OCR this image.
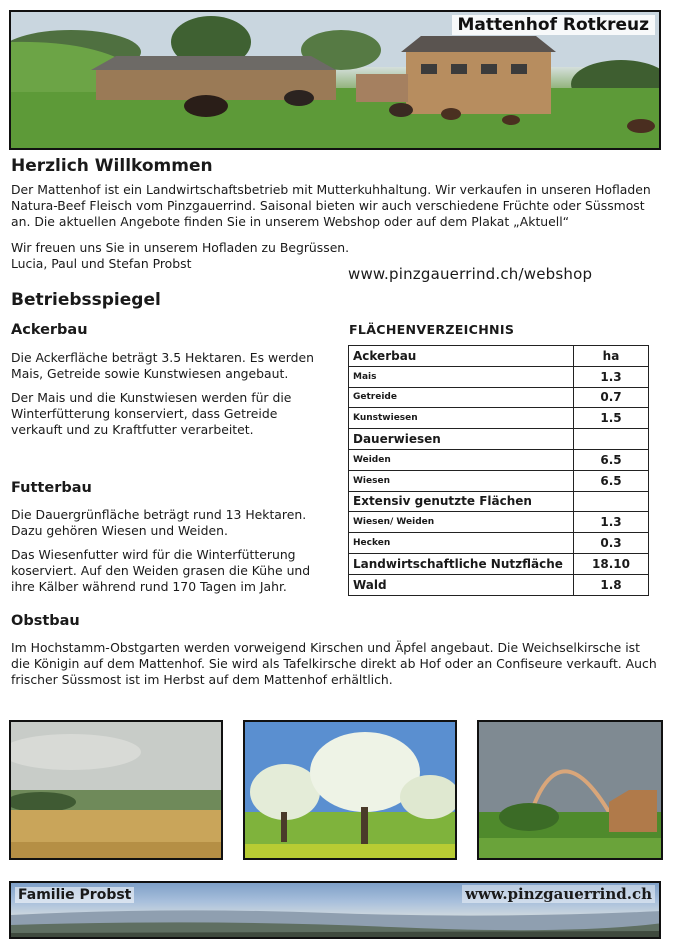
Mattenhof Rotkreuz
Herzlich Willkommen

Der Mattenhof ist ein Landwirtschaftsbetrieb mit Mutterkuhhaltung. Wir verkaufen in unseren Hofladen Natura-Beef Fleisch vom Pinzgauerrind. Saisonal bieten wir auch verschiedene Früchte oder Süssmost an. Die aktuellen Angebote finden Sie in unserem Webshop oder auf dem Plakat „Aktuell“

Wir freuen uns Sie in unserem Hofladen zu Begrüssen.

Lucia, Paul und Stefan Probst

www.pinzgauerrind.ch/webshop
Betriebsspiegel
Ackerbau

Die Ackerfläche beträgt 3.5 Hektaren. Es werden Mais, Getreide sowie Kunstwiesen angebaut.

Der Mais und die Kunstwiesen werden für die Winterfütterung konserviert, dass Getreide verkauft und zu Kraftfutter verarbeitet.

Futterbau

Die Dauergrünfläche beträgt rund 13 Hektaren. Dazu gehören Wiesen und Weiden.

Das Wiesenfutter wird für die Winterfütterung koserviert. Auf den Weiden grasen die Kühe und ihre Kälber während rund 170 Tagen im Jahr.

FLÄCHENVERZEICHNIS
Ackerbau	ha
Mais	1.3
Getreide	0.7
Kunstwiesen	1.5
Dauerwiesen	
Weiden	6.5
Wiesen	6.5
Extensiv genutzte Flächen	
Wiesen/ Weiden	1.3
Hecken	0.3
Landwirtschaftliche Nutzfläche	18.10
Wald	1.8
Obstbau

Im Hochstamm-Obstgarten werden vorweigend Kirschen und Äpfel angebaut. Die Weichselkirsche ist die Königin auf dem Mattenhof. Sie wird als Tafelkirsche direkt ab Hof oder an Confiseure verkauft. Auch frischer Süssmost ist im Herbst auf dem Mattenhof erhältlich.

Familie Probst	www.pinzgauerrind.ch
